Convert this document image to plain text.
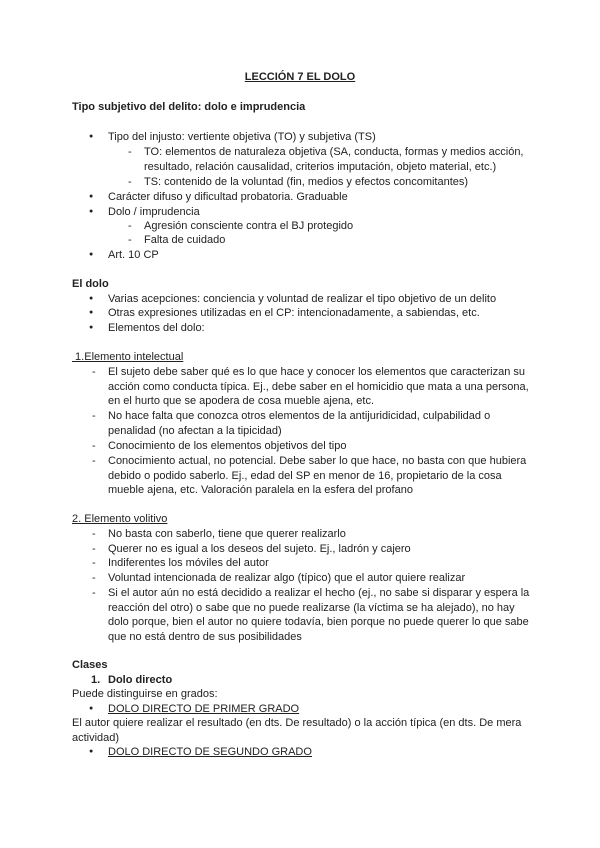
LECCIÓN 7 EL DOLO
Tipo subjetivo del delito: dolo e imprudencia
● Tipo del injusto: vertiente objetiva (TO) y subjetiva (TS)
- TO: elementos de naturaleza objetiva (SA, conducta, formas y medios acción, resultado, relación causalidad, criterios imputación, objeto material, etc.)
- TS: contenido de la voluntad (fin, medios y efectos concomitantes)
● Carácter difuso y dificultad probatoria. Graduable
● Dolo / imprudencia
- Agresión consciente contra el BJ protegido
- Falta de cuidado
● Art. 10 CP
El dolo
● Varias acepciones: conciencia y voluntad de realizar el tipo objetivo de un delito
● Otras expresiones utilizadas en el CP: intencionadamente, a sabiendas, etc.
● Elementos del dolo:
1.Elemento intelectual
- El sujeto debe saber qué es lo que hace y conocer los elementos que caracterizan su acción como conducta típica. Ej., debe saber en el homicidio que mata a una persona, en el hurto que se apodera de cosa mueble ajena, etc.
- No hace falta que conozca otros elementos de la antijuridicidad, culpabilidad o penalidad (no afectan a la tipicidad)
- Conocimiento de los elementos objetivos del tipo
- Conocimiento actual, no potencial. Debe saber lo que hace, no basta con que hubiera debido o podido saberlo. Ej., edad del SP en menor de 16, propietario de la cosa mueble ajena, etc. Valoración paralela en la esfera del profano
2. Elemento volitivo
- No basta con saberlo, tiene que querer realizarlo
- Querer no es igual a los deseos del sujeto. Ej., ladrón y cajero
- Indiferentes los móviles del autor
- Voluntad intencionada de realizar algo (típico) que el autor quiere realizar
- Si el autor aún no está decidido a realizar el hecho (ej., no sabe si disparar y espera la reacción del otro) o sabe que no puede realizarse (la víctima se ha alejado), no hay dolo porque, bien el autor no quiere todavía, bien porque no puede querer lo que sabe que no está dentro de sus posibilidades
Clases
1. Dolo directo
Puede distinguirse en grados:
● DOLO DIRECTO DE PRIMER GRADO
El autor quiere realizar el resultado (en dts. De resultado) o la acción típica (en dts. De mera actividad)
● DOLO DIRECTO DE SEGUNDO GRADO
